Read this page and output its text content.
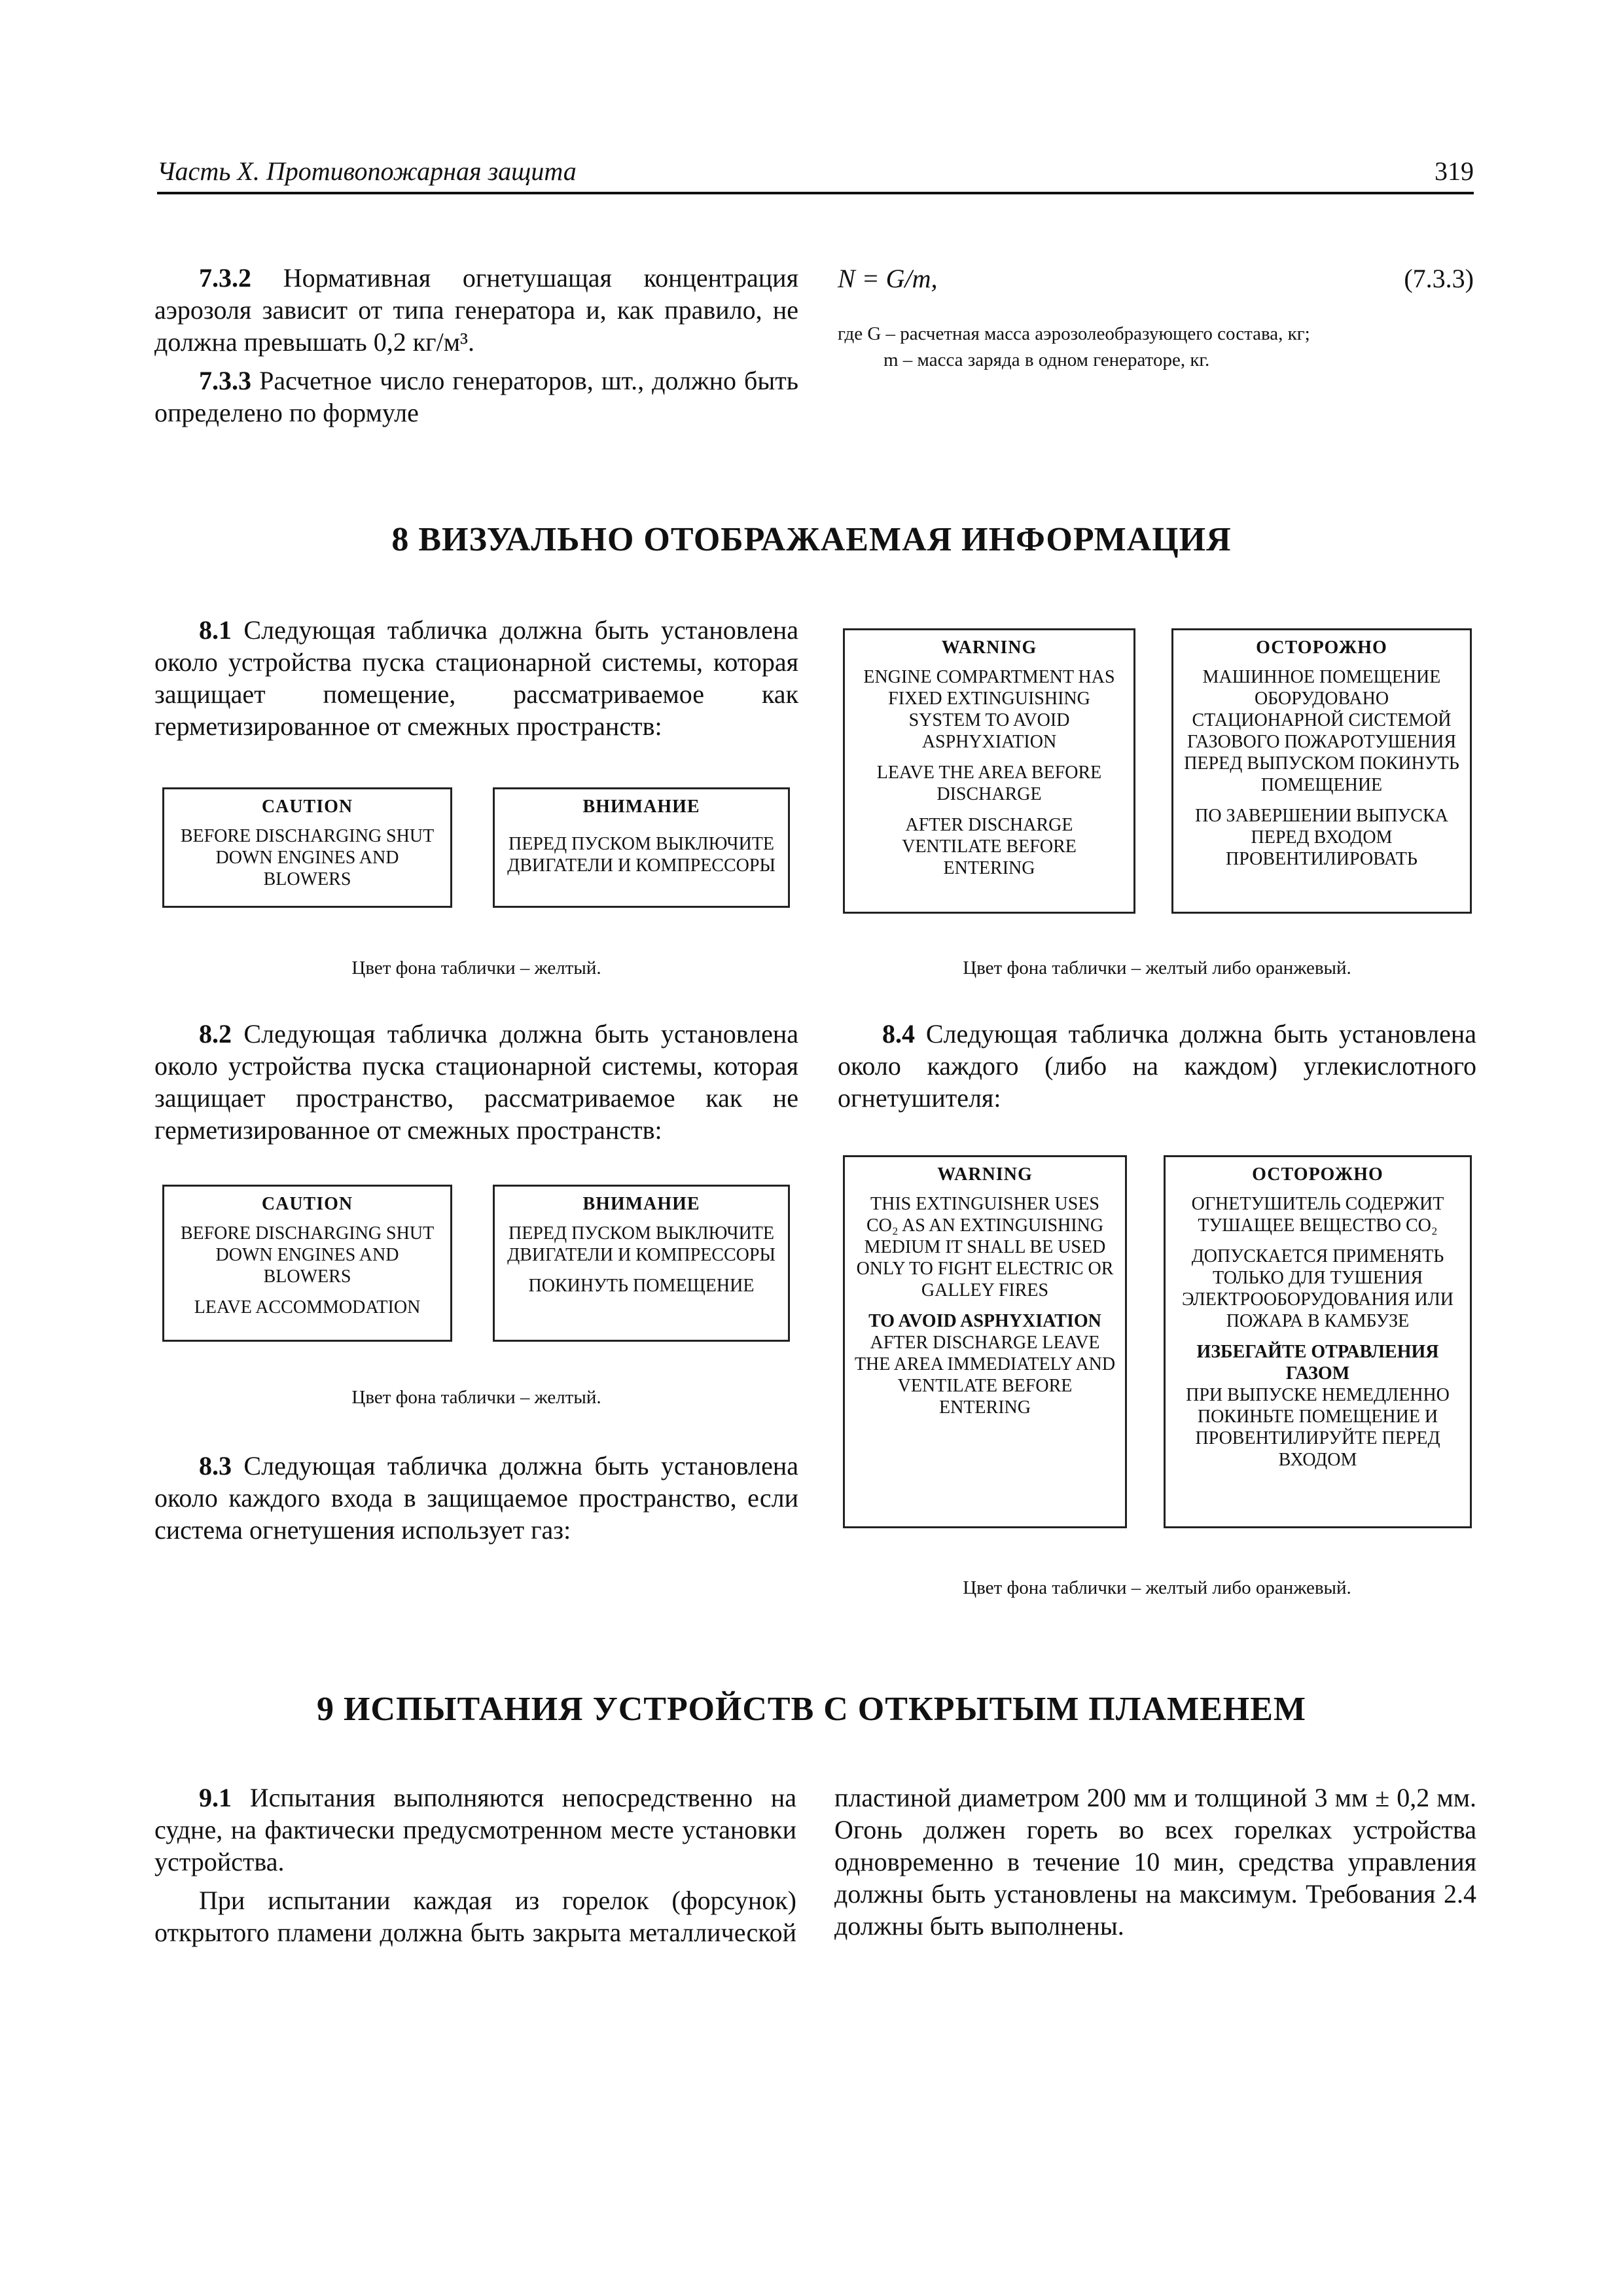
Часть X. Противопожарная защита	319

7.3.2 Нормативная огнетушащая концентрация аэрозоля зависит от типа генератора и, как правило, не должна превышать 0,2 кг/м³.

7.3.3 Расчетное число генераторов, шт., должно быть определено по формуле

N = G/m,	(7.3.3)
где G – расчетная масса аэрозолеобразующего состава, кг;
m – масса заряда в одном генераторе, кг.
8 ВИЗУАЛЬНО ОТОБРАЖАЕМАЯ ИНФОРМАЦИЯ

8.1 Следующая табличка должна быть установлена около устройства пуска стационарной системы, которая защищает помещение, рассматриваемое как герметизированное от смежных пространств:

CAUTION
BEFORE DISCHARGING SHUT DOWN ENGINES AND BLOWERS
ВНИМАНИЕ
ПЕРЕД ПУСКОМ ВЫКЛЮЧИТЕ ДВИГАТЕЛИ И КОМПРЕССОРЫ
Цвет фона таблички – желтый.
WARNING
ENGINE COMPARTMENT HAS FIXED EXTINGUISHING SYSTEM TO AVOID ASPHYXIATION
LEAVE THE AREA BEFORE DISCHARGE
AFTER DISCHARGE VENTILATE BEFORE ENTERING
ОСТОРОЖНО
МАШИННОЕ ПОМЕЩЕНИЕ ОБОРУДОВАНО СТАЦИОНАРНОЙ СИСТЕМОЙ ГАЗОВОГО ПОЖАРОТУШЕНИЯ ПЕРЕД ВЫПУСКОМ ПОКИНУТЬ ПОМЕЩЕНИЕ
ПО ЗАВЕРШЕНИИ ВЫПУСКА ПЕРЕД ВХОДОМ ПРОВЕНТИЛИРОВАТЬ
Цвет фона таблички – желтый либо оранжевый.

8.2 Следующая табличка должна быть установлена около устройства пуска стационарной системы, которая защищает пространство, рассматриваемое как не герметизированное от смежных пространств:

8.4 Следующая табличка должна быть установлена около каждого (либо на каждом) углекислотного огнетушителя:

CAUTION
BEFORE DISCHARGING SHUT DOWN ENGINES AND BLOWERS
LEAVE ACCOMMODATION
ВНИМАНИЕ
ПЕРЕД ПУСКОМ ВЫКЛЮЧИТЕ ДВИГАТЕЛИ И КОМПРЕССОРЫ
ПОКИНУТЬ ПОМЕЩЕНИЕ
Цвет фона таблички – желтый.

8.3 Следующая табличка должна быть установлена около каждого входа в защищаемое пространство, если система огнетушения использует газ:

WARNING
THIS EXTINGUISHER USES CO₂ AS AN EXTINGUISHING MEDIUM IT SHALL BE USED ONLY TO FIGHT ELECTRIC OR GALLEY FIRES
TO AVOID ASPHYXIATION
AFTER DISCHARGE LEAVE THE AREA IMMEDIATELY AND VENTILATE BEFORE ENTERING
ОСТОРОЖНО
ОГНЕТУШИТЕЛЬ СОДЕРЖИТ ТУШАЩЕЕ ВЕЩЕСТВО CO₂
ДОПУСКАЕТСЯ ПРИМЕНЯТЬ ТОЛЬКО ДЛЯ ТУШЕНИЯ ЭЛЕКТРООБОРУДОВАНИЯ ИЛИ ПОЖАРА В КАМБУЗЕ
ИЗБЕГАЙТЕ ОТРАВЛЕНИЯ ГАЗОМ
ПРИ ВЫПУСКЕ НЕМЕДЛЕННО ПОКИНЬТЕ ПОМЕЩЕНИЕ И ПРОВЕНТИЛИРУЙТЕ ПЕРЕД ВХОДОМ
Цвет фона таблички – желтый либо оранжевый.
9 ИСПЫТАНИЯ УСТРОЙСТВ С ОТКРЫТЫМ ПЛАМЕНЕМ

9.1 Испытания выполняются непосредственно на судне, на фактически предусмотренном месте установки устройства.

При испытании каждая из горелок (форсунок) открытого пламени должна быть закрыта металлической пластиной диаметром 200 мм и толщиной 3 мм ± 0,2 мм. Огонь должен гореть во всех горелках устройства одновременно в течение 10 мин, средства управления должны быть установлены на максимум. Требования 2.4 должны быть выполнены.
